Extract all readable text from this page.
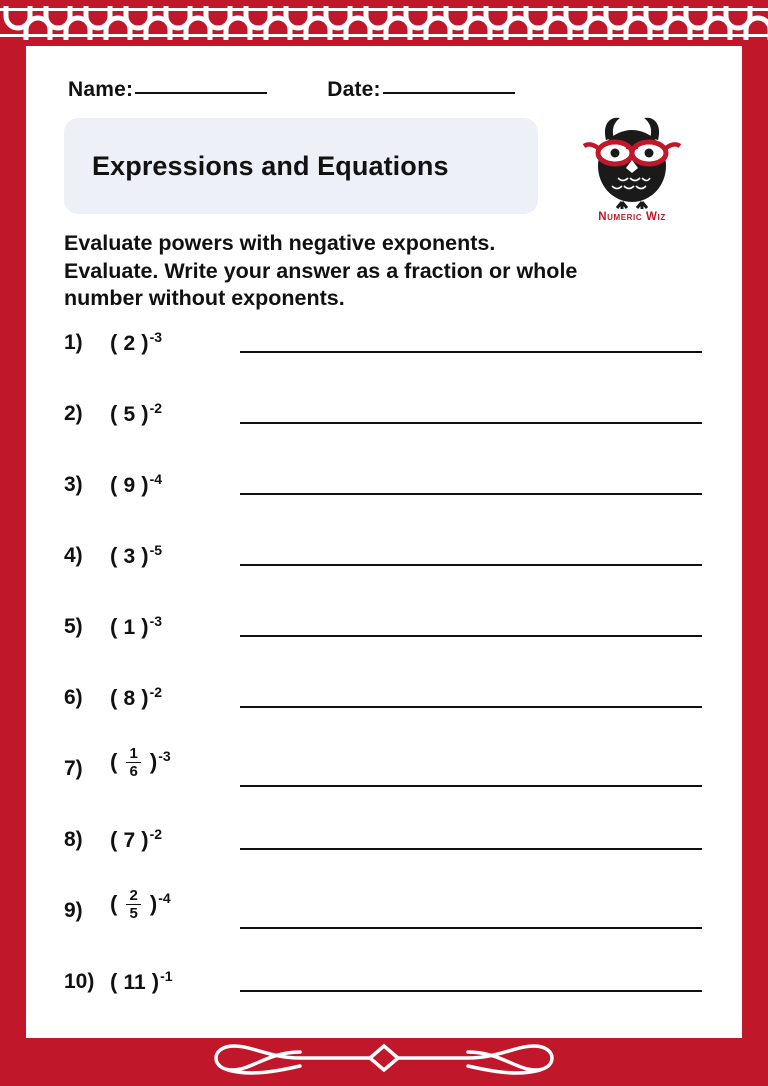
Name:	Date:
Expressions and Equations
Numeric Wiz
Evaluate powers with negative exponents.
Evaluate. Write your answer as a fraction or whole
number without exponents.
1)	( 2 )$^{-3}$
2)	( 5 )$^{-2}$
3)	( 9 )$^{-4}$
4)	( 3 )$^{-5}$
5)	( 1 )$^{-3}$
6)	( 8 )$^{-2}$
7)	( $\frac{1}{6} )^{-3}$
8)	( 7 )$^{-2}$
9)	( $\frac{2}{5} )^{-4}$
10) ( 11 )$^{-1}$
